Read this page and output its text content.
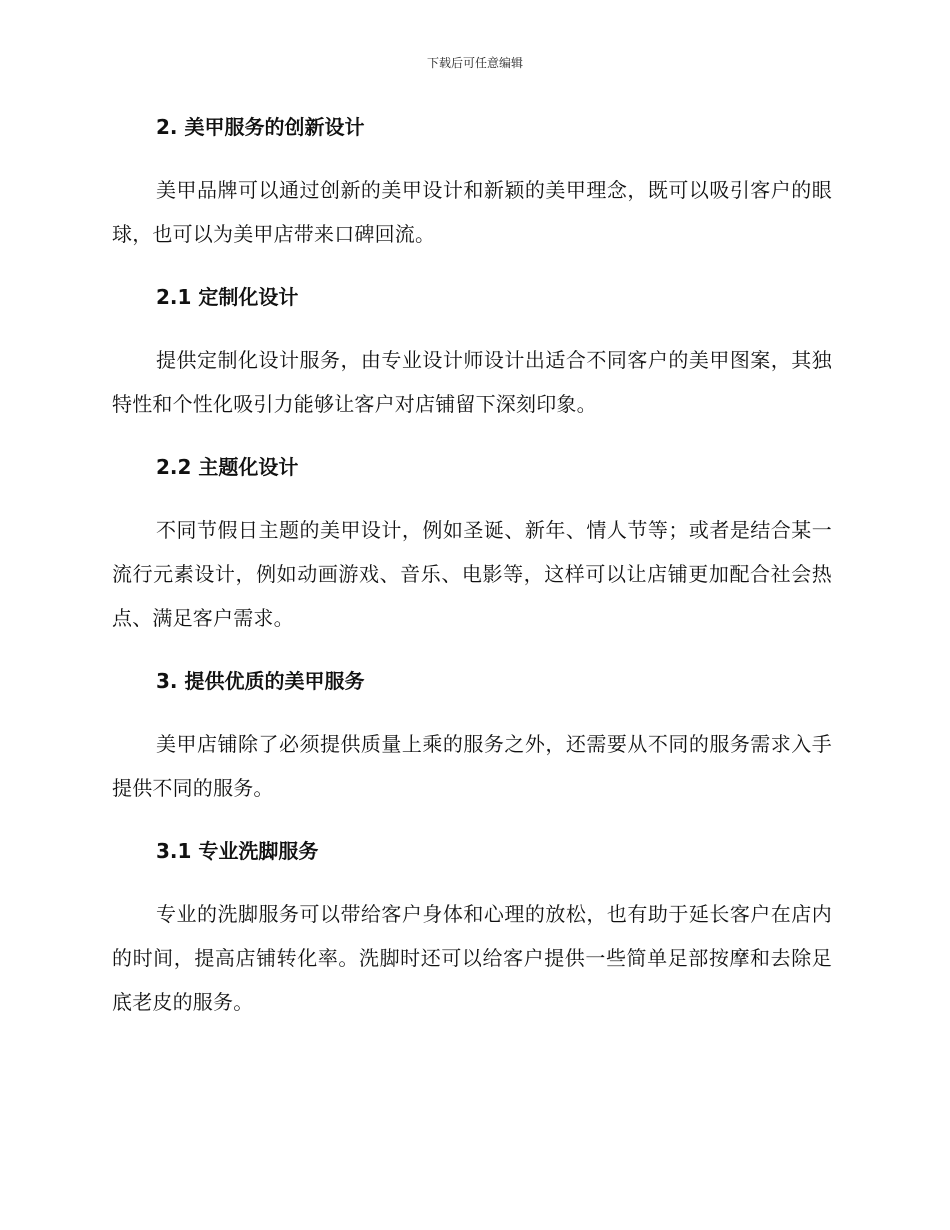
下载后可任意编辑
2. 美甲服务的创新设计

美甲品牌可以通过创新的美甲设计和新颖的美甲理念，既可以吸引客户的眼球，也可以为美甲店带来口碑回流。

2.1 定制化设计

提供定制化设计服务，由专业设计师设计出适合不同客户的美甲图案，其独特性和个性化吸引力能够让客户对店铺留下深刻印象。

2.2 主题化设计

不同节假日主题的美甲设计，例如圣诞、新年、情人节等；或者是结合某一流行元素设计，例如动画游戏、音乐、电影等，这样可以让店铺更加配合社会热点、满足客户需求。

3. 提供优质的美甲服务

美甲店铺除了必须提供质量上乘的服务之外，还需要从不同的服务需求入手提供不同的服务。

3.1 专业洗脚服务

专业的洗脚服务可以带给客户身体和心理的放松，也有助于延长客户在店内的时间，提高店铺转化率。洗脚时还可以给客户提供一些简单足部按摩和去除足底老皮的服务。
